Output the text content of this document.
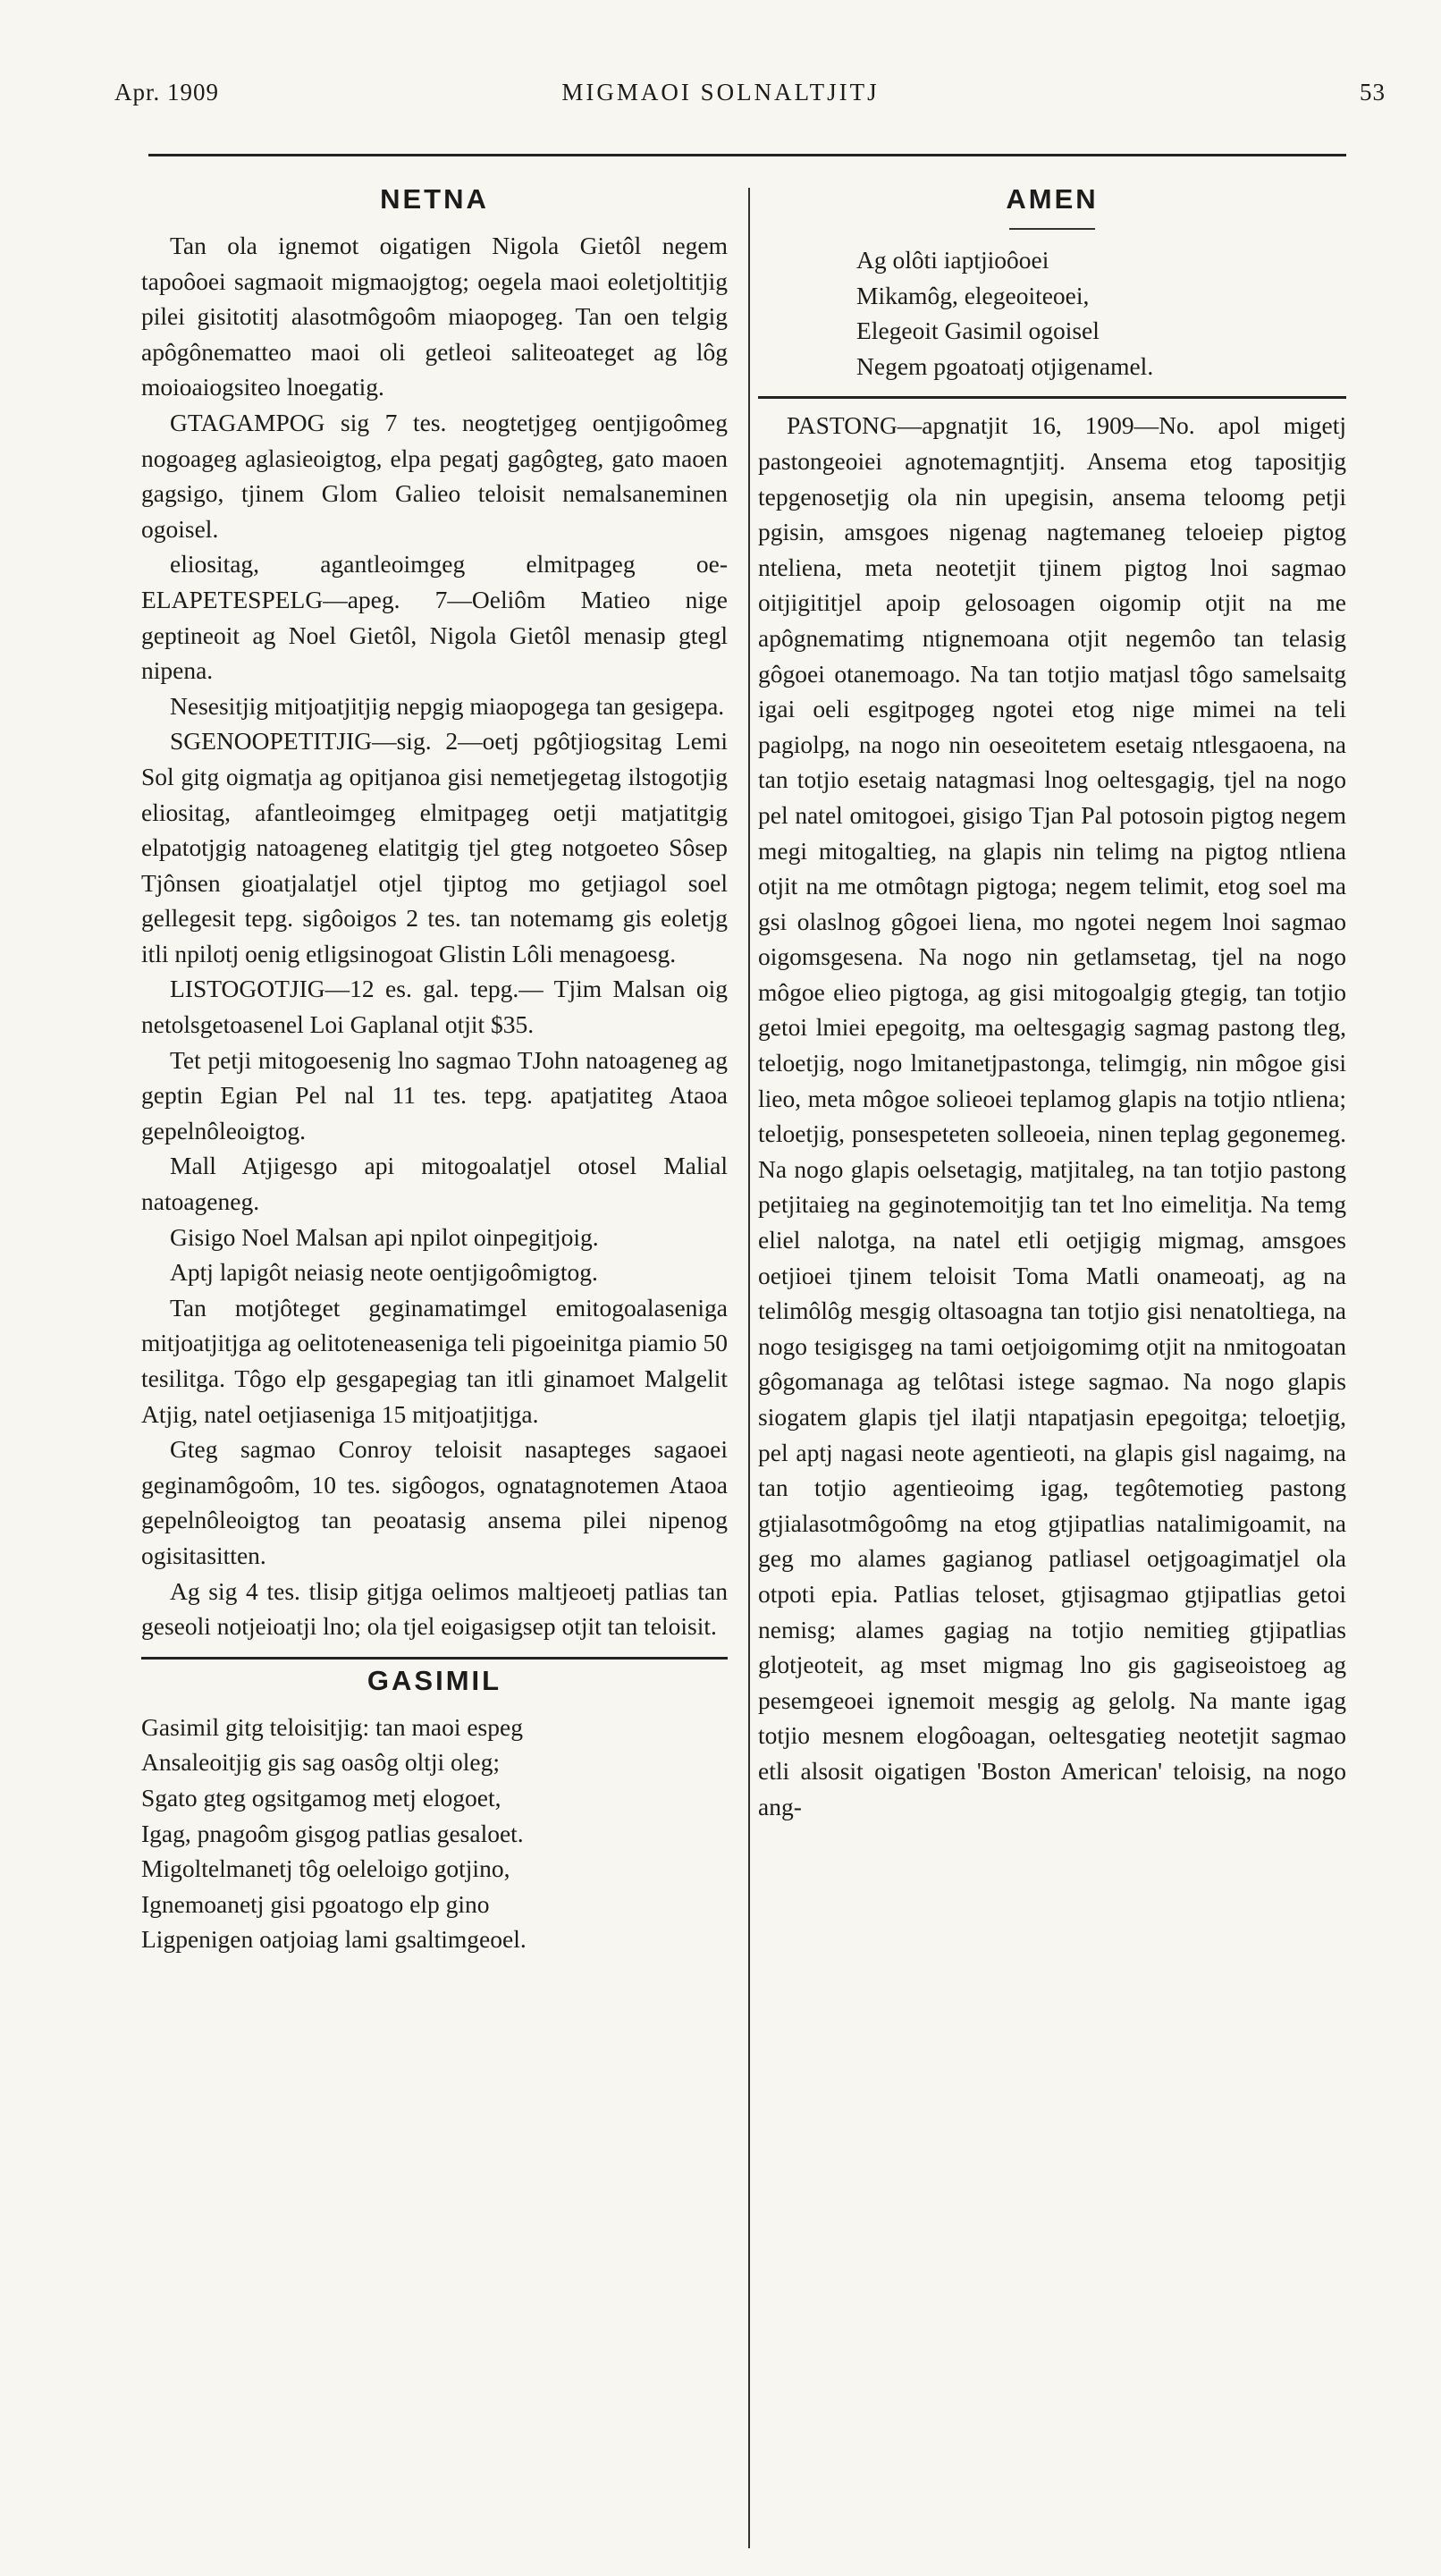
Apr. 1909	MIGMAOI SOLNALTJITJ	53
NETNA

Tan ola ignemot oigatigen Nigola Gietôl negem tapoôoei sagmaoit migmaojgtog; oegela maoi eoletjoltitjig pilei gisitotitj alasotmôgoôm miaopogeg. Tan oen telgig apôgônematteo maoi oli getleoi saliteoateget ag lôg moioaiogsiteo lnoegatig.

GTAGAMPOG sig 7 tes. neogtetjgeg oentjigoômeg nogoageg aglasieoigtog, elpa pegatj gagôgteg, gato maoen gagsigo, tjinem Glom Galieo teloisit nemalsaneminen ogoisel.

eliositag, agantleoimgeg elmitpageg oe- ELAPETESPELG—apeg. 7—Oeliôm Matieo nige geptineoit ag Noel Gietôl, Nigola Gietôl menasip gtegl nipena.

Nesesitjig mitjoatjitjig nepgig miaopogega tan gesigepa.

SGENOOPETITJIG—sig. 2—oetj pgôtjiogsitag Lemi Sol gitg oigmatja ag opitjanoa gisi nemetjegetag ilstogotjig eliositag, afantleoimgeg elmitpageg oetji matjatitgig elpatotjgig natoageneg elatitgig tjel gteg notgoeteo Sôsep Tjônsen gioatjalatjel otjel tjiptog mo getjiagol soel gellegesit tepg. sigôoigos 2 tes. tan notemamg gis eoletjg itli npilotj oenig etligsinogoat Glistin Lôli menagoesg.

LISTOGOTJIG—12 es. gal. tepg.— Tjim Malsan oig netolsgetoasenel Loi Gaplanal otjit $35.

Tet petji mitogoesenig lno sagmao TJohn natoageneg ag geptin Egian Pel nal 11 tes. tepg. apatjatiteg Ataoa gepelnôleoigtog.

Mall Atjigesgo api mitogoalatjel otosel Malial natoageneg.

Gisigo Noel Malsan api npilot oinpegitjoig.

Aptj lapigôt neiasig neote oentjigoômigtog.

Tan motjôteget geginamatimgel emitogoalaseniga mitjoatjitjga ag oelitoteneaseniga teli pigoeinitga piamio 50 tesilitga. Tôgo elp gesgapegiag tan itli ginamoet Malgelit Atjig, natel oetjiaseniga 15 mitjoatjitjga.

Gteg sagmao Conroy teloisit nasapteges sagaoei geginamôgoôm, 10 tes. sigôogos, ognatagnotemen Ataoa gepelnôleoigtog tan peoatasig ansema pilei nipenog ogisitasitten.

Ag sig 4 tes. tlisip gitjga oelimos maltjeoetj patlias tan geseoli notjeioatji lno; ola tjel eoigasigsep otjit tan teloisit.

GASIMIL

Gasimil gitg teloisitjig: tan maoi espeg

Ansaleoitjig gis sag oasôg oltji oleg;

Sgato gteg ogsitgamog metj elogoet,

Igag, pnagoôm gisgog patlias gesaloet.

Migoltelmanetj tôg oeleloigo gotjino,

Ignemoanetj gisi pgoatogo elp gino

Ligpenigen oatjoiag lami gsaltimgeoel.

AMEN
Ag olôti iaptjioôoei
Mikamôg, elegeoiteoei,
Elegeoit Gasimil ogoisel
Negem pgoatoatj otjigenamel.

PASTONG—apgnatjit 16, 1909—No. apol migetj pastongeoiei agnotemagntjitj. Ansema etog tapositjig tepgenosetjig ola nin upegisin, ansema teloomg petji pgisin, amsgoes nigenag nagtemaneg teloeiep pigtog ntelienа, meta neotetjit tjinem pigtog lnoi sagmao oitjigititjel apoip gelosoagen oigomip otjit na me apôgnematimg ntignemoana otjit negemôo tan telasig gôgoei otanemoago. Na tan totjio matjasl tôgo samelsaitg igai oeli esgitpogeg ngotei etog nige mimei na teli pagiolpg, na nogo nin oeseoitetem esetaig ntlesgaoena, na tan totjio esetaig natagmasi lnog oeltesgagig, tjel na nogo pel natel omitogoei, gisigo Tjan Pal potosoin pigtog negem megi mitogaltieg, na glapis nin telimg na pigtog ntliena otjit na me otmôtagn pigtoga; negem telimit, etog soel ma gsi olaslnog gôgoei liena, mo ngotei negem lnoi sagmao oigomsgesena. Na nogo nin getlamsetag, tjel na nogo môgoe elieo pigtoga, ag gisi mitogoalgig gtegig, tan totjio getoi lmiei epegoitg, ma oeltesgagig sagmag pastong tleg, teloetjig, nogo lmitanetjpastonga, telimgig, nin môgoe gisi lieo, meta môgoe solieoei teplamog glapis na totjio ntliena; teloetjig, ponsespeteten solleoeia, ninen teplag gegonemeg. Na nogo glapis oelsetagig, matjitaleg, na tan totjio pastong petjitaieg na geginotemoitjig tan tet lno eimelitja. Na temg eliel nalotga, na natel etli oetjigig migmag, amsgoes oetjioei tjinem teloisit Toma Matli onameoatj, ag na telimôlôg mesgig oltasoagna tan totjio gisi nenatoltiega, na nogo tesigisgeg na tami oetjoigomimg otjit na nmitogoatan gôgomanaga ag telôtasi istege sagmao. Na nogo glapis siogatem glapis tjel ilatji ntapatjasin epegoitga; teloetjig, pel aptj nagasi neote agentieoti, na glapis gisl nagaimg, na tan totjio agentieoimg igag, tegôtemotieg pastong gtjialasotmôgoômg na etog gtjipatlias natalimigoamit, na geg mo alames gagianog patliasel oetjgoagimatjel ola otpoti epia. Patlias teloset, gtjisagmao gtjipatlias getoi nemisg; alames gagiag na totjio nemitieg gtjipatlias glotjeoteit, ag mset migmag lno gis gagiseoistoeg ag pesemgeoei ignemoit mesgig ag gelolg. Na mante igag totjio mesnem elogôoagan, oeltesgatieg neotetjit sagmao etli alsosit oigatigen 'Boston American' teloisig, na nogo ang-
